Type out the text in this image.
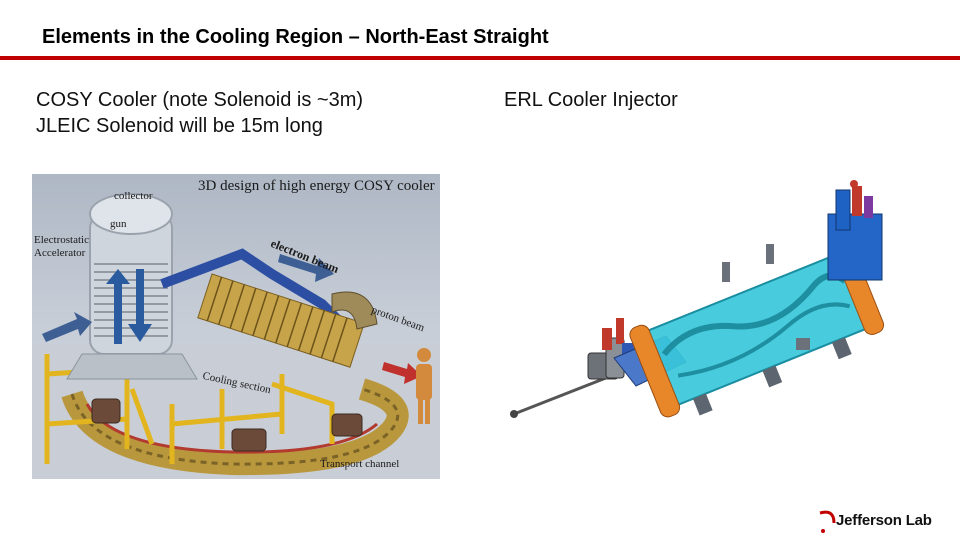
Elements in the Cooling Region – North-East Straight
COSY Cooler (note Solenoid is ~3m)
JLEIC Solenoid will be 15m long
ERL Cooler Injector
3D design of high energy COSY cooler
collector
gun
Electrostatic
Accelerator	electron beam
proton beam
Cooling section
Transport channel
Jefferson Lab
